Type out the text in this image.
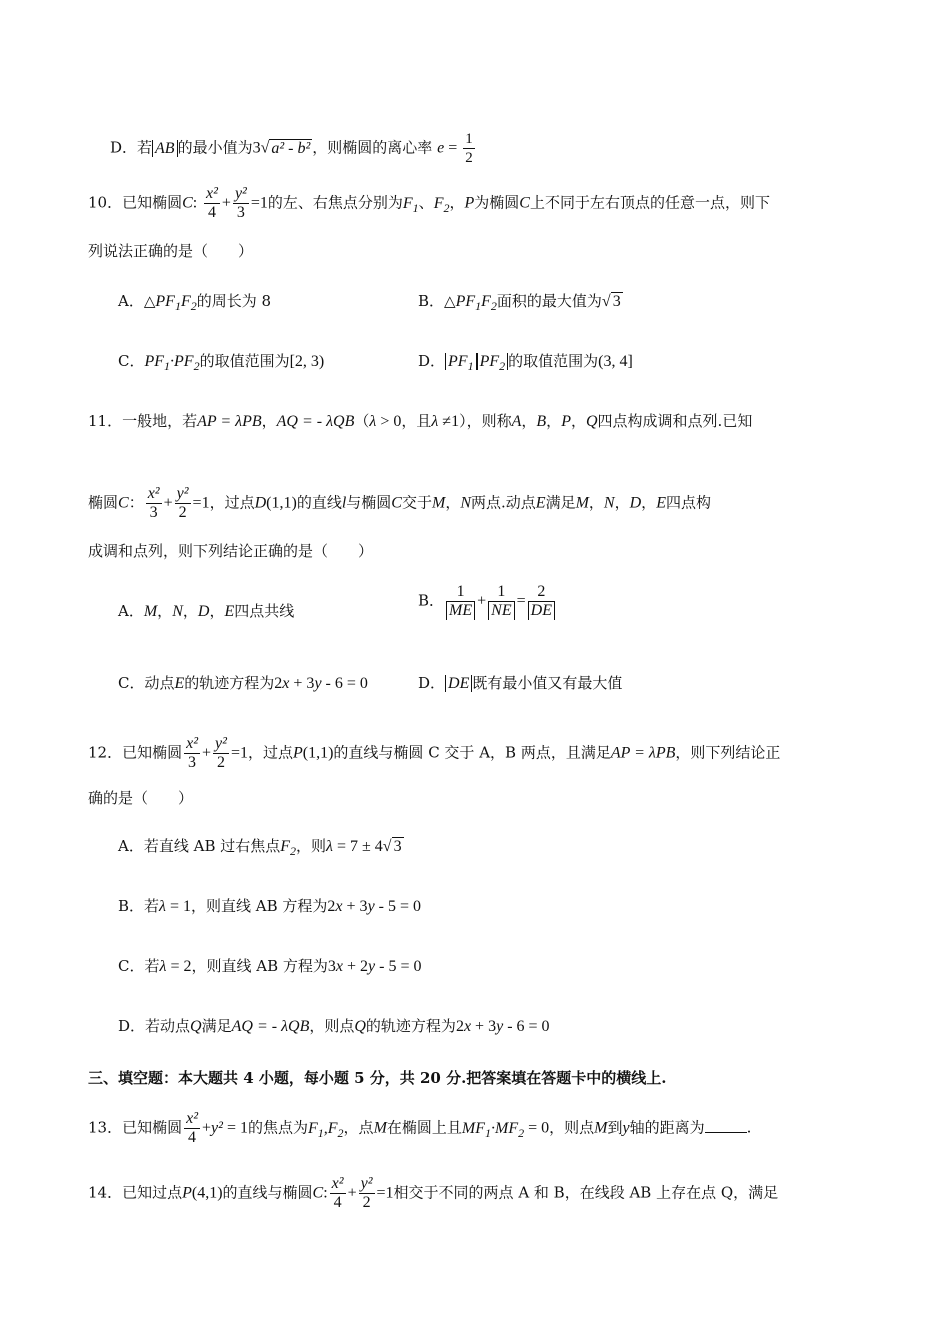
D．若 AB 的最小值为3√ a² - b² ，则椭圆的离心率 $e = \frac{1}{2}$
10．已知椭圆C: $\frac{\text{x²}}{4} + \frac{\text{y²}}{3} =1$的左、右焦点分别为$F_1$、$F_2$，P为椭圆C上不同于左右顶点的任意一点，则下
列说法正确的是（　　）
A．$\triangle PF_1F_2$的周长为 8	B．$\triangle PF_1F_2$面积的最大值为√ 3
C．$PF_1\cdot PF_2$的取值范围为[2, 3)	D． $PF_1$ $PF_2$ 的取值范围为(3, 4]
11．一般地，若AP = λPB，AQ = - λQB（λ > 0，且λ ≠1），则称A，B，P，Q四点构成调和点列.已知
椭圆C： $\frac{\text{x²}}{3} + \frac{\text{y²}}{2} =1$，过点D(1,1)的直线l与椭圆C交于M，N两点.动点E满足M，N，D，E四点构
成调和点列，则下列结论正确的是（　　）
A．M，N，D，E四点共线
B． $\frac{1}{ME} + \frac{1}{NE} = \frac{2}{DE}$
C．动点E的轨迹方程为2x + 3y - 6 = 0	D． DE 既有最小值又有最大值
12．已知椭圆 $\frac{\text{x²}}{3} + \frac{\text{y²}}{2} =1$，过点P(1,1)的直线与椭圆 C 交于 A，B 两点，且满足AP = λPB，则下列结论正
确的是（　　）
A．若直线 AB 过右焦点$F_2$，则λ = 7 ± 4√ 3
B．若λ = 1，则直线 AB 方程为2x + 3y - 5 = 0
C．若λ = 2，则直线 AB 方程为3x + 2y - 5 = 0
D．若动点Q满足AQ = - λQB，则点Q的轨迹方程为2x + 3y - 6 = 0
三、填空题：本大题共 4 小题，每小题 5 分，共 20 分.把答案填在答题卡中的横线上.
13．已知椭圆 $\frac{\text{x²}}{4} +y^2 = 1$的焦点为$F_1,F_2$，点M在椭圆上且$MF_1\cdot MF_2 = 0$，则点M到y轴的距离为	.
14．已知过点P(4,1)的直线与椭圆C: $\frac{\text{x²}}{4} + \frac{\text{y²}}{2} =1$相交于不同的两点 A 和 B，在线段 AB 上存在点 Q，满足
